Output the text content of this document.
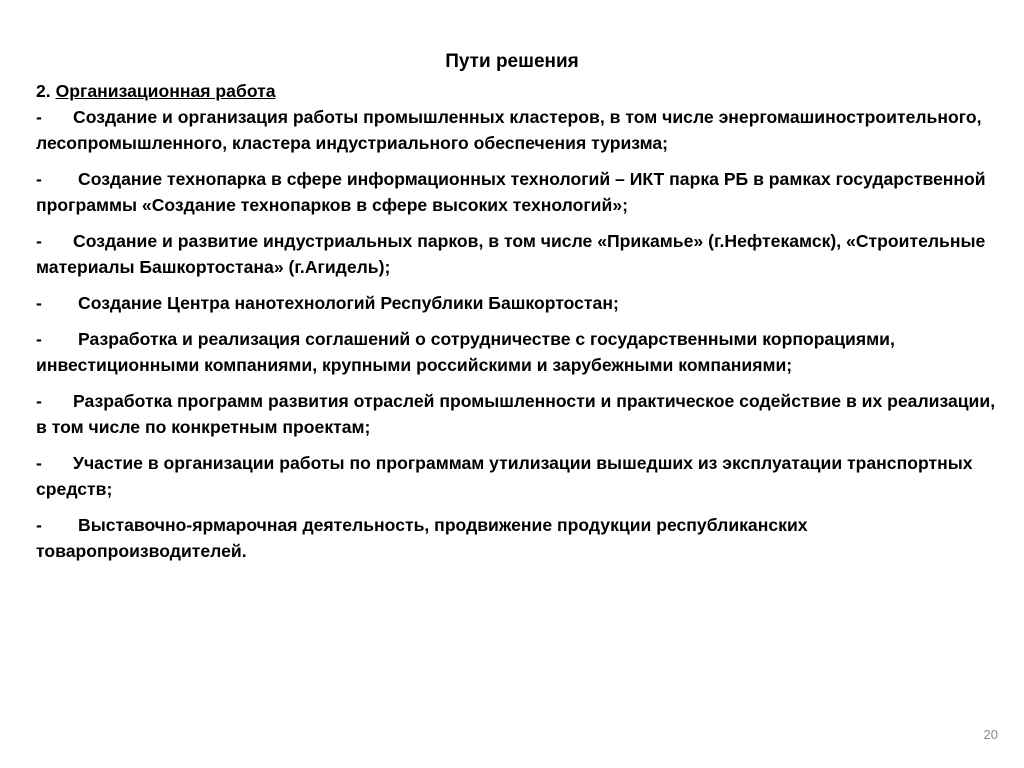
Пути решения

2. Организационная работа

- Создание и организация работы промышленных кластеров, в том числе энергомашиностроительного, лесопромышленного, кластера индустриального обеспечения туризма;

- Создание технопарка в сфере информационных технологий – ИКТ парка РБ в рамках государственной программы «Создание технопарков в сфере высоких технологий»;

- Создание и развитие индустриальных парков, в том числе «Прикамье» (г.Нефтекамск), «Строительные материалы Башкортостана» (г.Агидель);

- Создание Центра нанотехнологий Республики Башкортостан;

- Разработка и реализация соглашений о сотрудничестве с государственными корпорациями, инвестиционными компаниями, крупными российскими и зарубежными компаниями;

- Разработка программ развития отраслей промышленности и практическое содействие в их реализации, в том числе по конкретным проектам;

- Участие в организации работы по программам утилизации вышедших из эксплуатации транспортных средств;

- Выставочно-ярмарочная деятельность, продвижение продукции республиканских товаропроизводителей.

20
